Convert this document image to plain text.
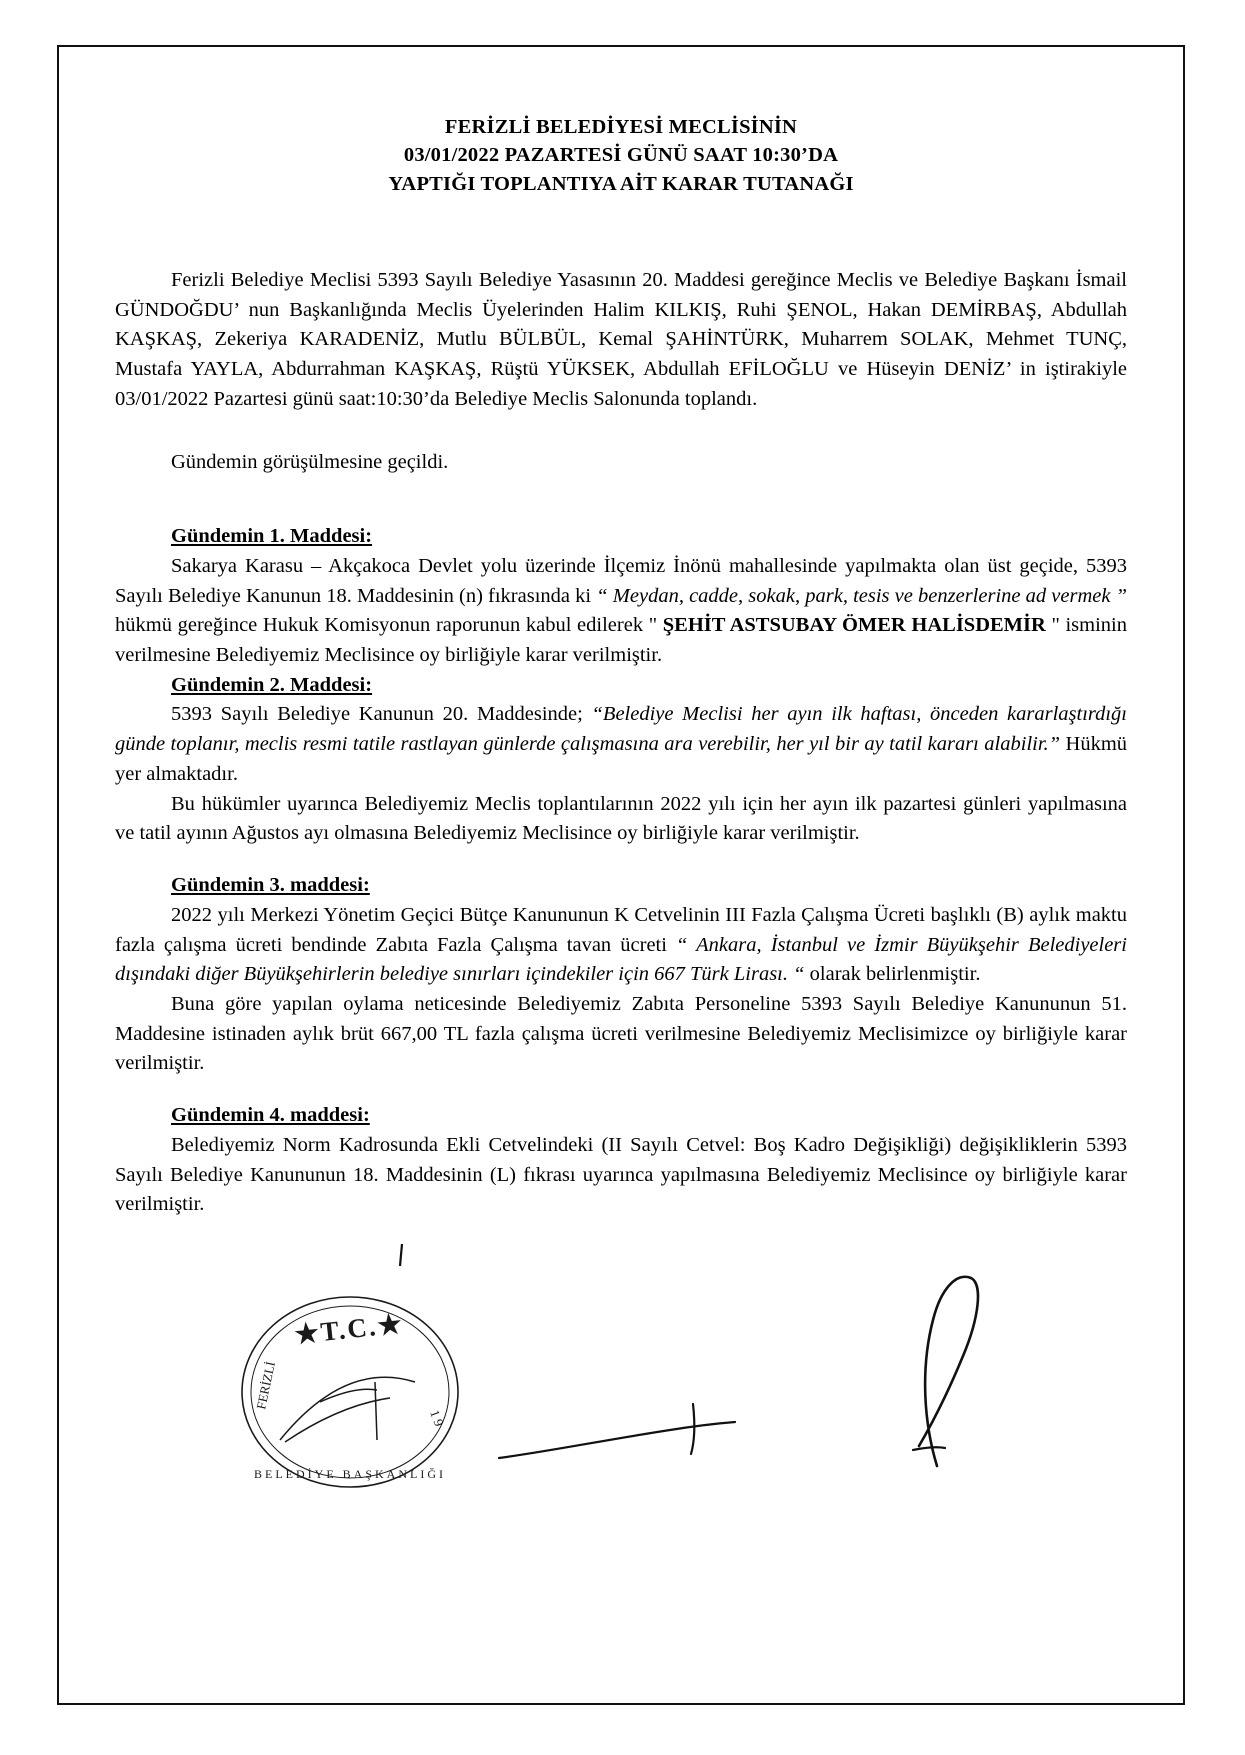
FERİZLİ BELEDİYESİ MECLİSİNİN
03/01/2022 PAZARTESİ GÜNÜ SAAT 10:30’DA
YAPTIĞI TOPLANTIYA AİT KARAR TUTANAĞI

Ferizli Belediye Meclisi 5393 Sayılı Belediye Yasasının 20. Maddesi gereğince Meclis ve Belediye Başkanı İsmail GÜNDOĞDU’ nun Başkanlığında Meclis Üyelerinden Halim KILKIŞ, Ruhi ŞENOL, Hakan DEMİRBAŞ, Abdullah KAŞKAŞ, Zekeriya KARADENİZ, Mutlu BÜLBÜL, Kemal ŞAHİNTÜRK, Muharrem SOLAK, Mehmet TUNÇ, Mustafa YAYLA, Abdurrahman KAŞKAŞ, Rüştü YÜKSEK, Abdullah EFİLOĞLU ve Hüseyin DENİZ’ in iştirakiyle 03/01/2022 Pazartesi günü saat:10:30’da Belediye Meclis Salonunda toplandı.

Gündemin görüşülmesine geçildi.

Gündemin 1. Maddesi:

Sakarya Karasu – Akçakoca Devlet yolu üzerinde İlçemiz İnönü mahallesinde yapılmakta olan üst geçide, 5393 Sayılı Belediye Kanunun 18. Maddesinin (n) fıkrasında ki “ Meydan, cadde, sokak, park, tesis ve benzerlerine ad vermek ” hükmü gereğince Hukuk Komisyonun raporunun kabul edilerek " ŞEHİT ASTSUBAY ÖMER HALİSDEMİR " isminin verilmesine Belediyemiz Meclisince oy birliğiyle karar verilmiştir.

Gündemin 2. Maddesi:

5393 Sayılı Belediye Kanunun 20. Maddesinde; “Belediye Meclisi her ayın ilk haftası, önceden kararlaştırdığı günde toplanır, meclis resmi tatile rastlayan günlerde çalışmasına ara verebilir, her yıl bir ay tatil kararı alabilir.” Hükmü yer almaktadır.

Bu hükümler uyarınca Belediyemiz Meclis toplantılarının 2022 yılı için her ayın ilk pazartesi günleri yapılmasına ve tatil ayının Ağustos ayı olmasına Belediyemiz Meclisince oy birliğiyle karar verilmiştir.

Gündemin 3. maddesi:

2022 yılı Merkezi Yönetim Geçici Bütçe Kanununun K Cetvelinin III Fazla Çalışma Ücreti başlıklı (B) aylık maktu fazla çalışma ücreti bendinde Zabıta Fazla Çalışma tavan ücreti “ Ankara, İstanbul ve İzmir Büyükşehir Belediyeleri dışındaki diğer Büyükşehirlerin belediye sınırları içindekiler için 667 Türk Lirası. “ olarak belirlenmiştir.

Buna göre yapılan oylama neticesinde Belediyemiz Zabıta Personeline 5393 Sayılı Belediye Kanununun 51. Maddesine istinaden aylık brüt 667,00 TL fazla çalışma ücreti verilmesine Belediyemiz Meclisimizce oy birliğiyle karar verilmiştir.

Gündemin 4. maddesi:

Belediyemiz Norm Kadrosunda Ekli Cetvelindeki (II Sayılı Cetvel: Boş Kadro Değişikliği) değişikliklerin 5393 Sayılı Belediye Kanununun 18. Maddesinin (L) fıkrası uyarınca yapılmasına Belediyemiz Meclisince oy birliğiyle karar verilmiştir.

★T.C.★
FERİZLİ
1 9
BELEDİYE BAŞKANLIĞI
